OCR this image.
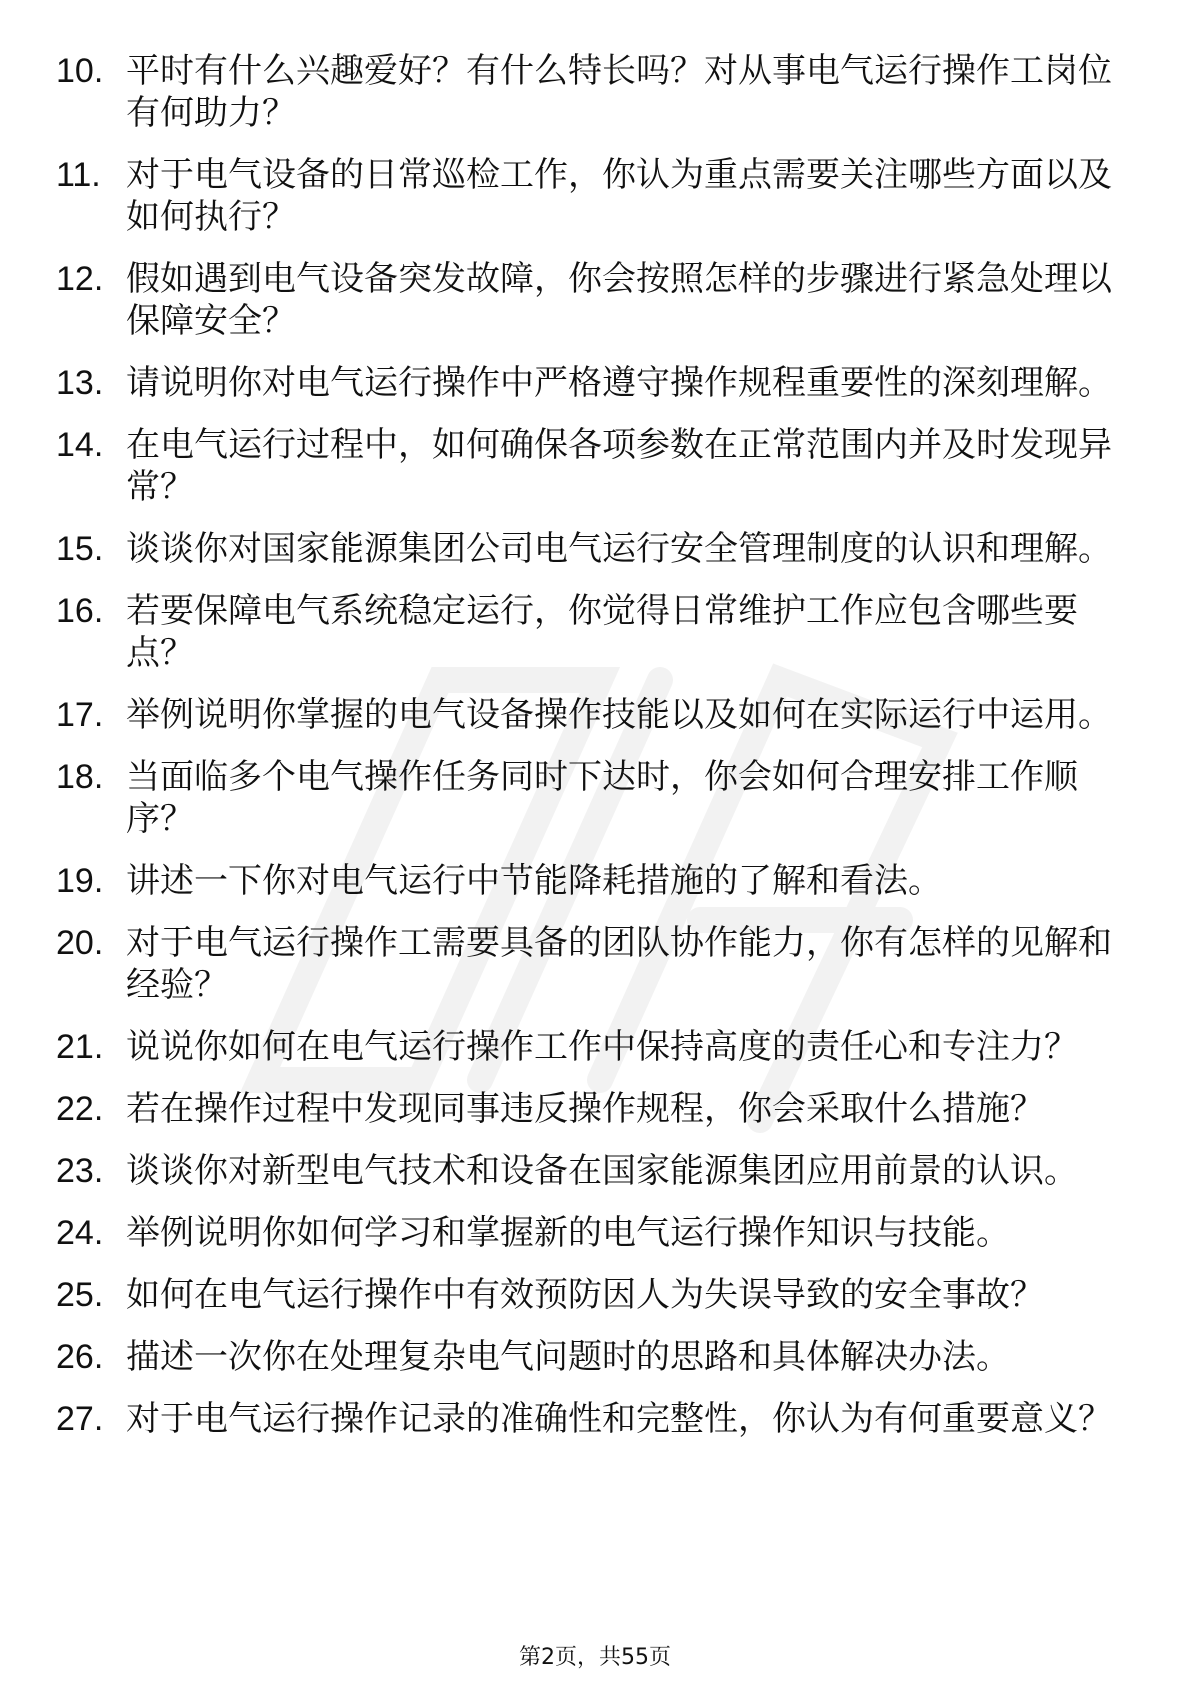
10. 平时有什么兴趣爱好？有什么特长吗？对从事电气运行操作工岗位有何助力？
11. 对于电气设备的日常巡检工作，你认为重点需要关注哪些方面以及如何执行？
12. 假如遇到电气设备突发故障，你会按照怎样的步骤进行紧急处理以保障安全？
13. 请说明你对电气运行操作中严格遵守操作规程重要性的深刻理解。
14. 在电气运行过程中，如何确保各项参数在正常范围内并及时发现异常？
15. 谈谈你对国家能源集团公司电气运行安全管理制度的认识和理解。
16. 若要保障电气系统稳定运行，你觉得日常维护工作应包含哪些要点？
17. 举例说明你掌握的电气设备操作技能以及如何在实际运行中运用。
18. 当面临多个电气操作任务同时下达时，你会如何合理安排工作顺序？
19. 讲述一下你对电气运行中节能降耗措施的了解和看法。
20. 对于电气运行操作工需要具备的团队协作能力，你有怎样的见解和经验？
21. 说说你如何在电气运行操作工作中保持高度的责任心和专注力？
22. 若在操作过程中发现同事违反操作规程，你会采取什么措施？
23. 谈谈你对新型电气技术和设备在国家能源集团应用前景的认识。
24. 举例说明你如何学习和掌握新的电气运行操作知识与技能。
25. 如何在电气运行操作中有效预防因人为失误导致的安全事故？
26. 描述一次你在处理复杂电气问题时的思路和具体解决办法。
27. 对于电气运行操作记录的准确性和完整性，你认为有何重要意义？
第2页，共55页
